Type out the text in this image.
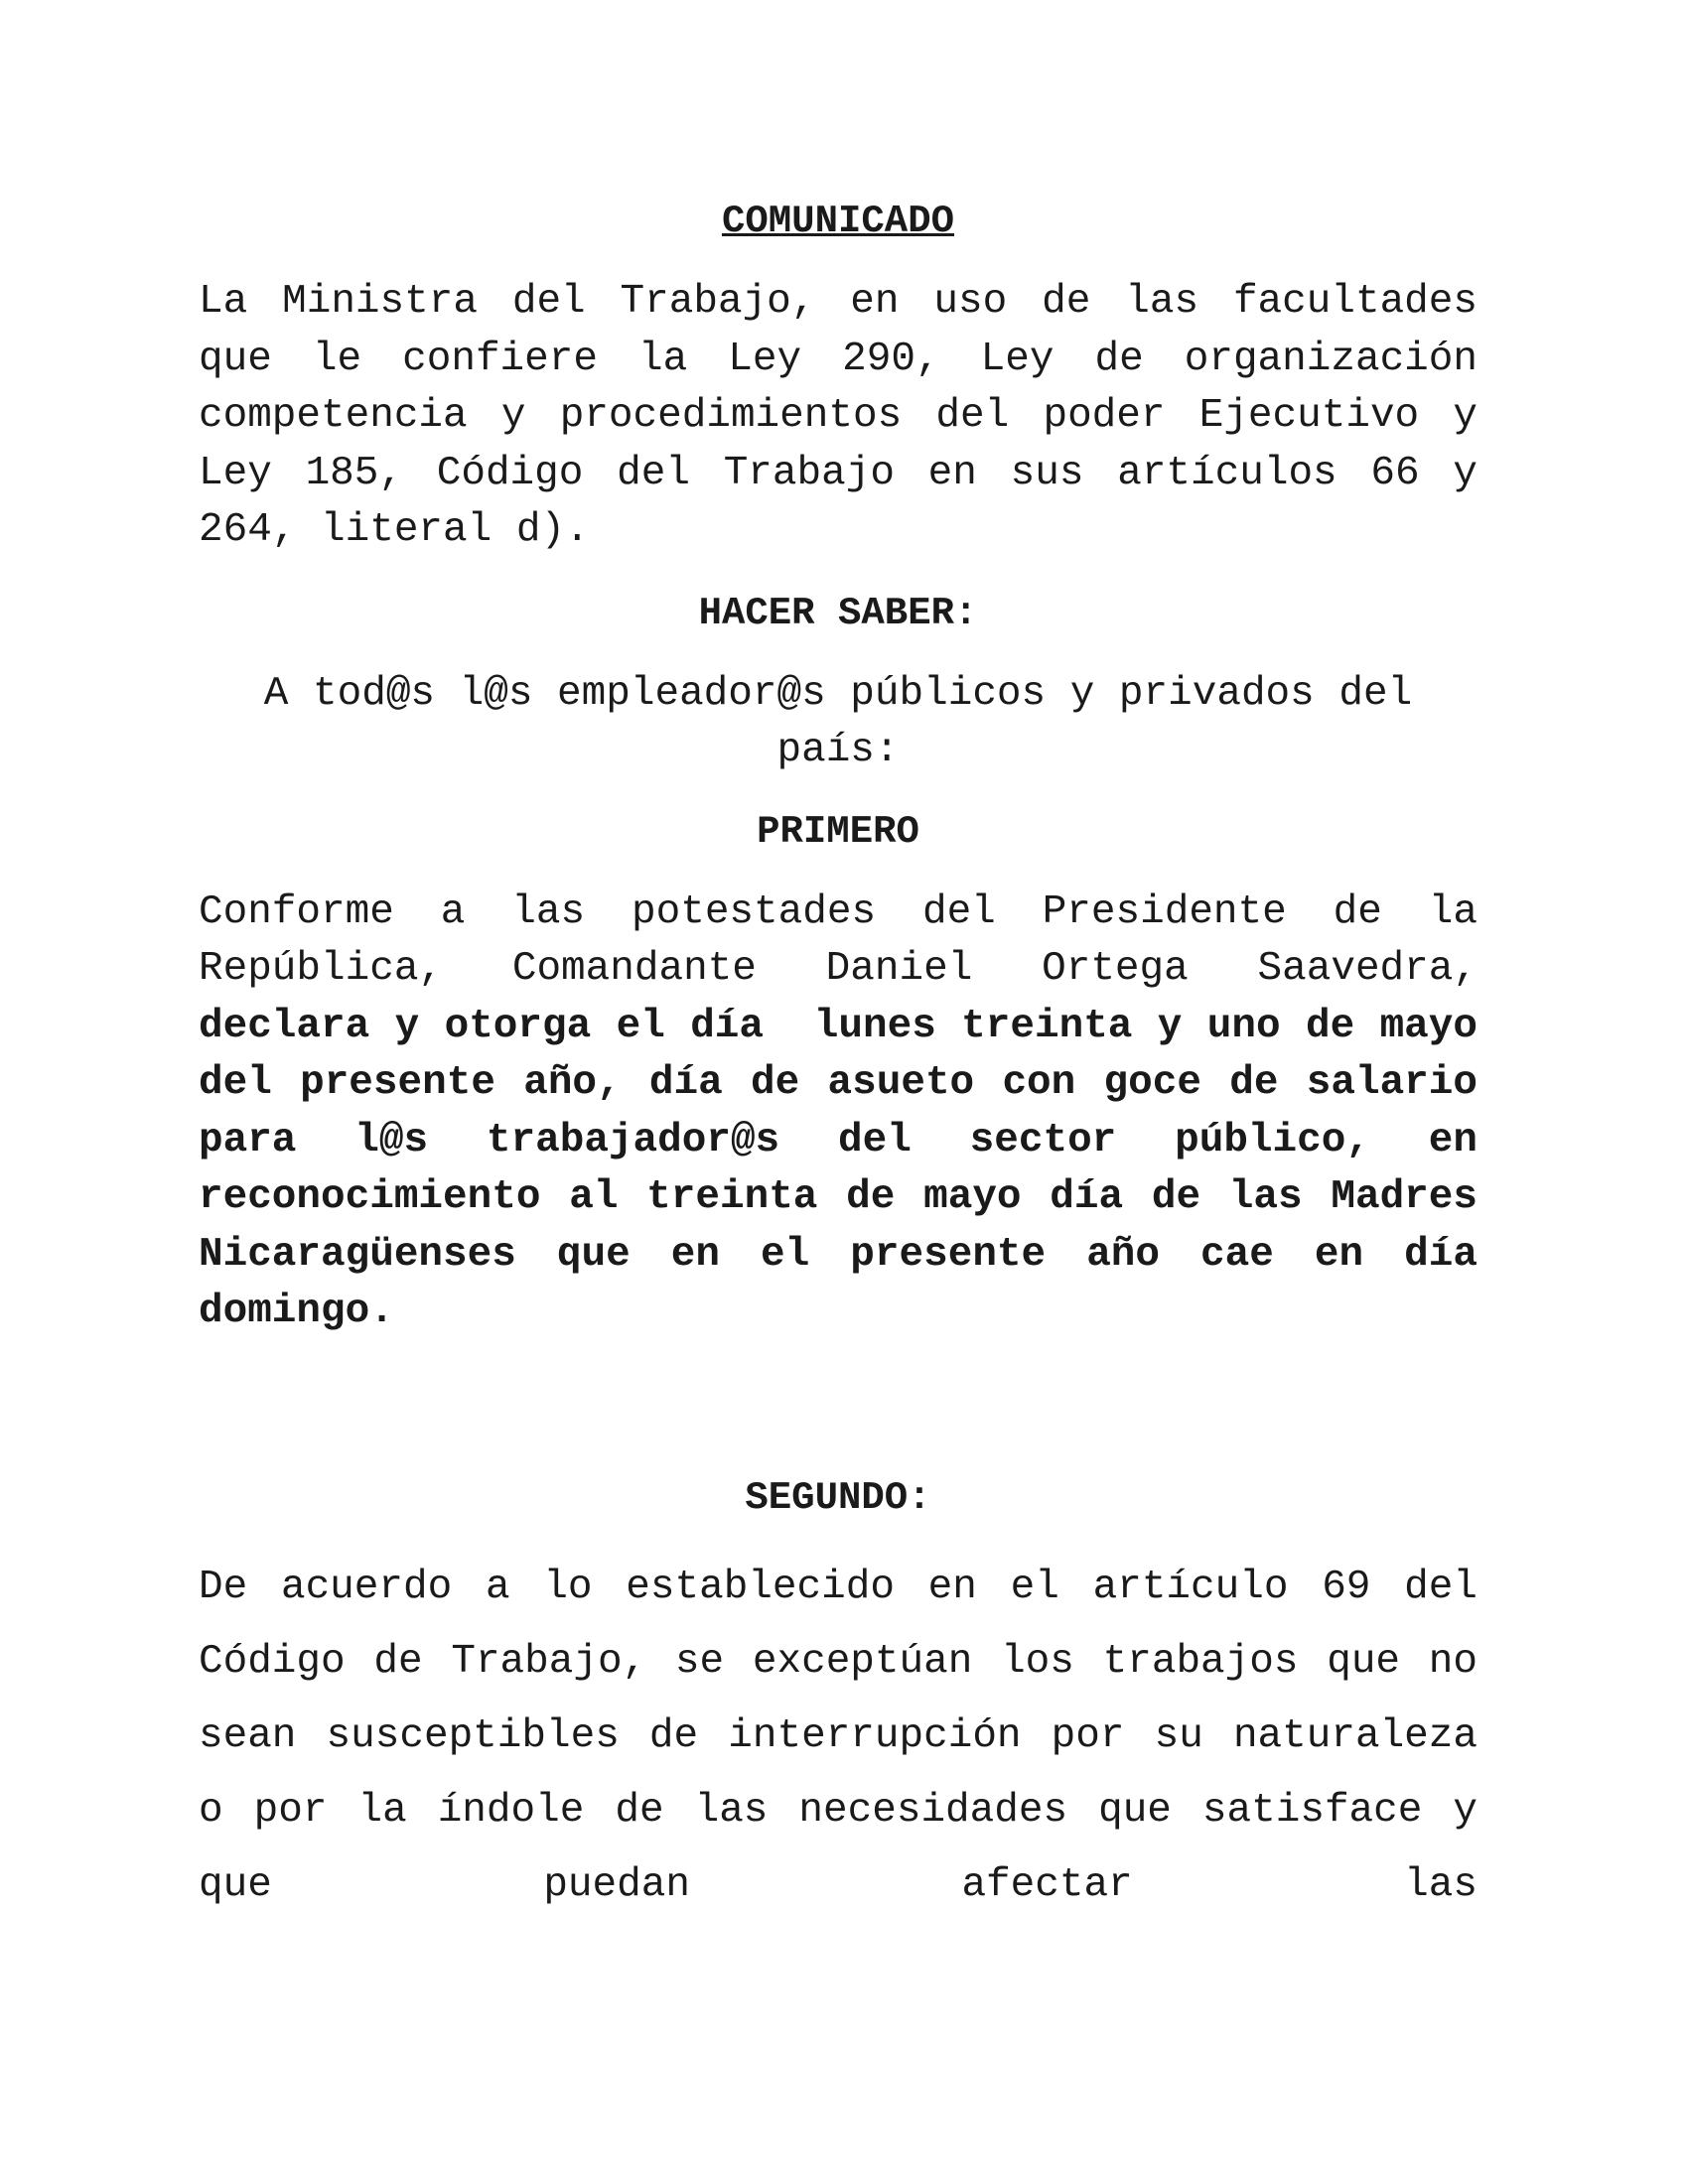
COMUNICADO

La Ministra del Trabajo, en uso de las facultades que le confiere la Ley 290, Ley de organización competencia y procedimientos del poder Ejecutivo y Ley 185, Código del Trabajo en sus artículos 66 y 264, literal d).

HACER SABER:

A tod@s l@s empleador@s públicos y privados del país:

PRIMERO

Conforme a las potestades del Presidente de la República, Comandante Daniel Ortega Saavedra, declara y otorga el día  lunes treinta y uno de mayo del presente año, día de asueto con goce de salario para l@s trabajador@s del sector público, en reconocimiento al treinta de mayo día de las Madres Nicaragüenses que en el presente año cae en día domingo.

SEGUNDO:

De acuerdo a lo establecido en el artículo 69 del Código de Trabajo, se exceptúan los trabajos que no sean susceptibles de interrupción por su naturaleza o por la índole de las necesidades que satisface y que puedan afectar las
